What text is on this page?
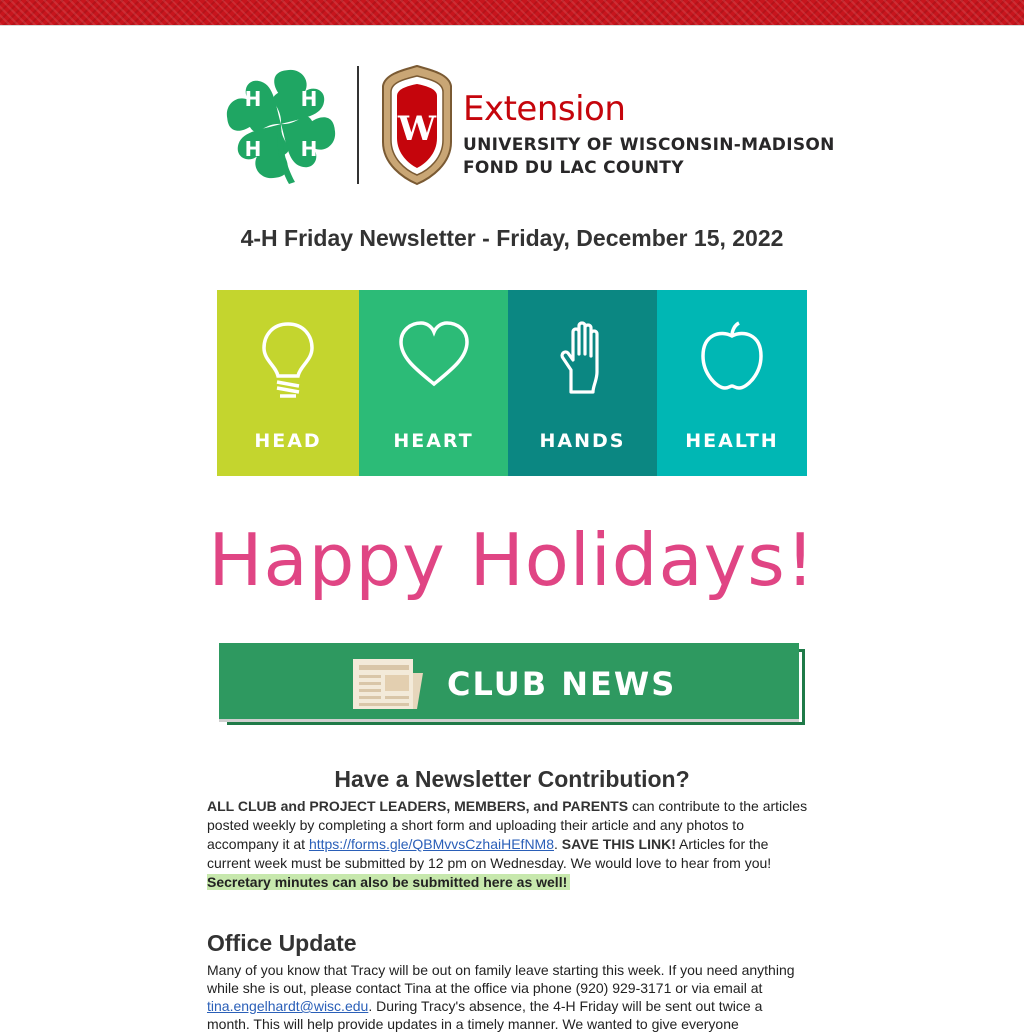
H H
H H W Extension
UNIVERSITY OF WISCONSIN-MADISON
FOND DU LAC COUNTY
4-H Friday Newsletter - Friday, December 15, 2022
HEAD	HEART	HANDS	HEALTH
Happy Holidays!
CLUB NEWS
Have a Newsletter Contribution?
ALL CLUB and PROJECT LEADERS, MEMBERS, and PARENTS can contribute to the articles posted weekly by completing a short form and uploading their article and any photos to accompany it at https://forms.gle/QBMvvsCzhaiHEfNM8. SAVE THIS LINK! Articles for the current week must be submitted by 12 pm on Wednesday. We would love to hear from you!
Secretary minutes can also be submitted here as well!
Office Update
Many of you know that Tracy will be out on family leave starting this week. If you need anything while she is out, please contact Tina at the office via phone (920) 929-3171 or via email at tina.engelhardt@wisc.edu. During Tracy's absence, the 4-H Friday will be sent out twice a month. This will help provide updates in a timely manner. We wanted to give everyone
